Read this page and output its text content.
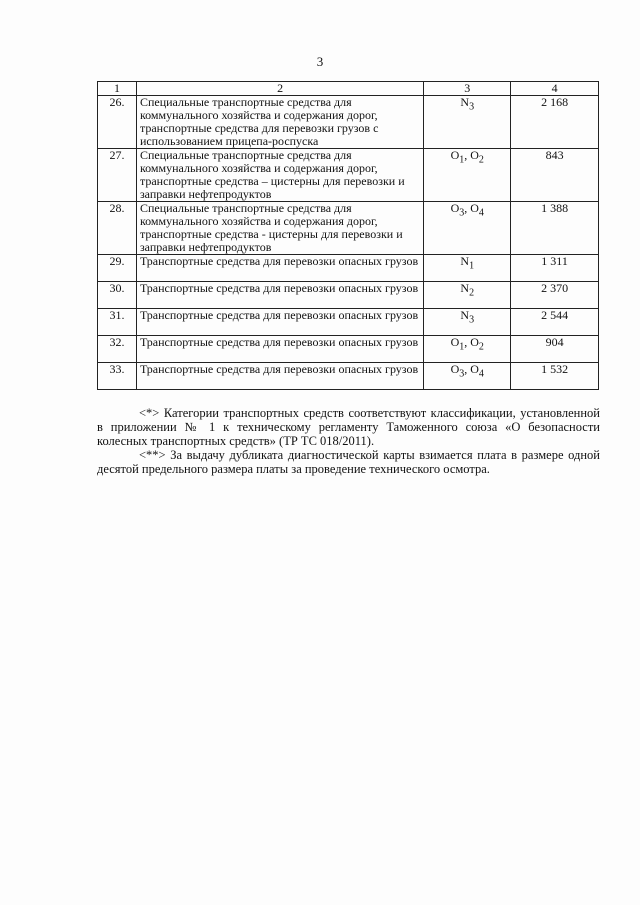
3
1	2	3	4
26.	Специальные транспортные средства для коммунального хозяйства и содержания дорог, транспортные средства для перевозки грузов с использованием прицепа-роспуска	$N_3$	2 168
27.	Специальные транспортные средства для коммунального хозяйства и содержания дорог, транспортные средства – цистерны для перевозки и заправки нефтепродуктов	$O_1$, $O_2$	843
28.	Специальные транспортные средства для коммунального хозяйства и содержания дорог, транспортные средства - цистерны для перевозки и заправки нефтепродуктов	$O_3$, $O_4$	1 388
29.	Транспортные средства для перевозки опасных грузов	$N_1$	1 311
30.	Транспортные средства для перевозки опасных грузов	$N_2$	2 370
31.	Транспортные средства для перевозки опасных грузов	$N_3$	2 544
32.	Транспортные средства для перевозки опасных грузов	$O_1$, $O_2$	904
33.	Транспортные средства для перевозки опасных грузов	$O_3$, $O_4$	1 532

<*> Категории транспортных средств соответствуют классификации, установленной в приложении № 1 к техническому регламенту Таможенного союза «О безопасности колесных транспортных средств» (ТР ТС 018/2011).

<**> За выдачу дубликата диагностической карты взимается плата в размере одной десятой предельного размера платы за проведение технического осмотра.
